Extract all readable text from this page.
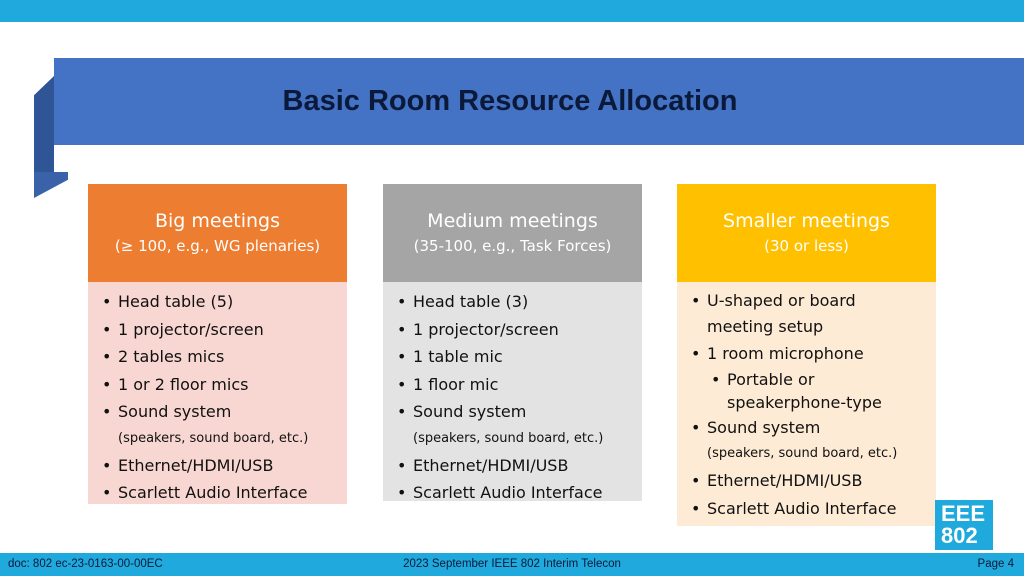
Basic Room Resource Allocation
Big meetings
(≥ 100, e.g., WG plenaries)
• Head table (5)
• 1 projector/screen
• 2 tables mics
• 1 or 2 floor mics
• Sound system
(speakers, sound board, etc.)
• Ethernet/HDMI/USB
• Scarlett Audio Interface
Medium meetings
(35-100, e.g., Task Forces)
• Head table (3)
• 1 projector/screen
• 1 table mic
• 1 floor mic
• Sound system
(speakers, sound board, etc.)
• Ethernet/HDMI/USB
• Scarlett Audio Interface
Smaller meetings
(30 or less)
• U-shaped or board
meeting setup
• 1 room microphone
• Portable or
speakerphone-type
• Sound system
(speakers, sound board, etc.)
• Ethernet/HDMI/USB
• Scarlett Audio Interface	EEE
802
2023 September IEEE 802 Interim Telecon
doc: 802 ec-23-0163-00-00EC	Page 4
